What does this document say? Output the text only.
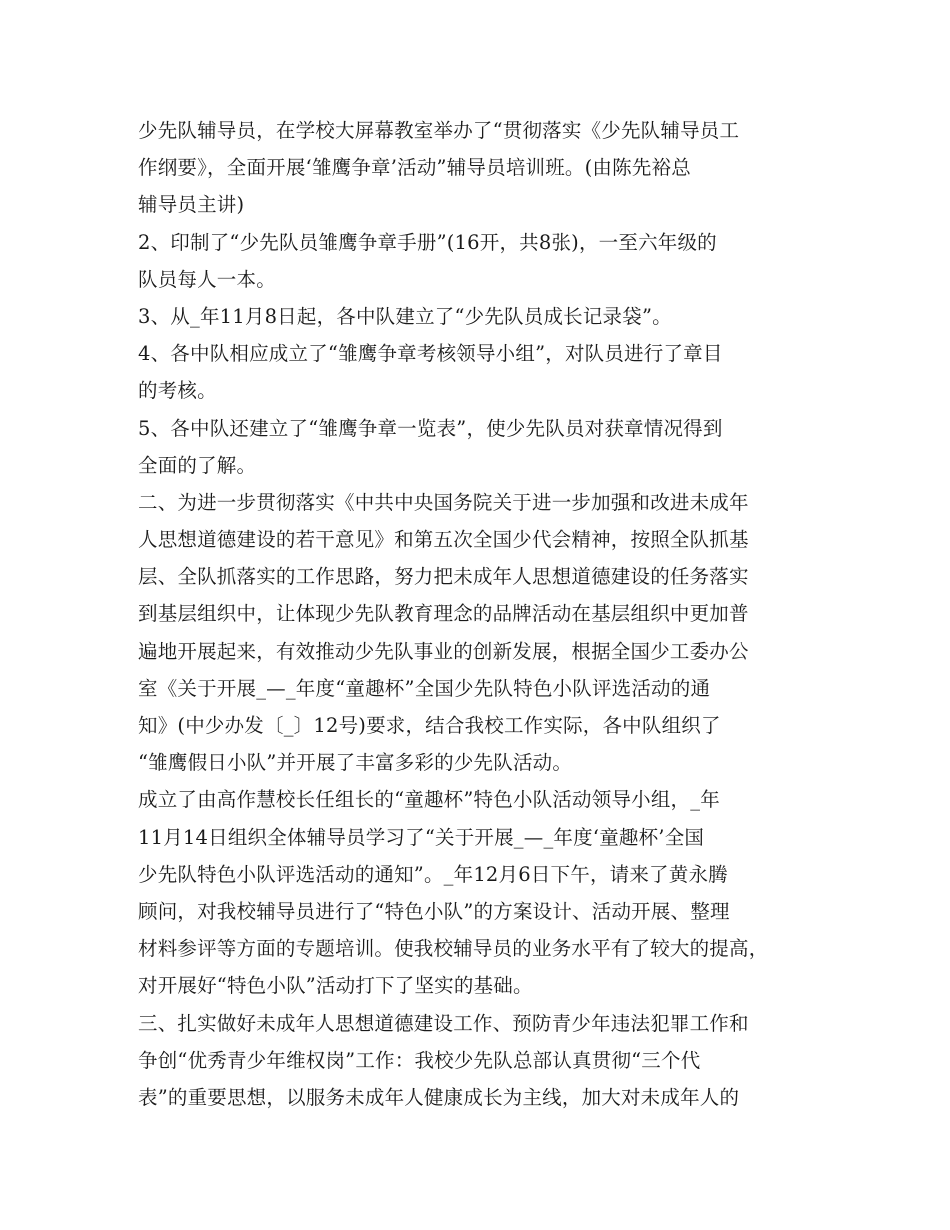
少先队辅导员，在学校大屏幕教室举办了“贯彻落实《少先队辅导员工
作纲要》，全面开展‘雏鹰争章’活动”辅导员培训班。(由陈先裕总
辅导员主讲)
2、印制了“少先队员雏鹰争章手册”(16开，共8张)，一至六年级的
队员每人一本。
3、从_年11月8日起，各中队建立了“少先队员成长记录袋”。
4、各中队相应成立了“雏鹰争章考核领导小组”，对队员进行了章目
的考核。
5、各中队还建立了“雏鹰争章一览表”，使少先队员对获章情况得到
全面的了解。
二、为进一步贯彻落实《中共中央国务院关于进一步加强和改进未成年
人思想道德建设的若干意见》和第五次全国少代会精神，按照全队抓基
层、全队抓落实的工作思路，努力把未成年人思想道德建设的任务落实
到基层组织中，让体现少先队教育理念的品牌活动在基层组织中更加普
遍地开展起来，有效推动少先队事业的创新发展，根据全国少工委办公
室《关于开展_—_年度“童趣杯”全国少先队特色小队评选活动的通
知》(中少办发〔_〕12号)要求，结合我校工作实际，各中队组织了
“雏鹰假日小队”并开展了丰富多彩的少先队活动。
成立了由高作慧校长任组长的“童趣杯”特色小队活动领导小组，_年
11月14日组织全体辅导员学习了“关于开展_—_年度‘童趣杯’全国
少先队特色小队评选活动的通知”。_年12月6日下午，请来了黄永腾
顾问，对我校辅导员进行了“特色小队”的方案设计、活动开展、整理
材料参评等方面的专题培训。使我校辅导员的业务水平有了较大的提高，
对开展好“特色小队”活动打下了坚实的基础。
三、扎实做好未成年人思想道德建设工作、预防青少年违法犯罪工作和
争创“优秀青少年维权岗”工作：我校少先队总部认真贯彻“三个代
表”的重要思想，以服务未成年人健康成长为主线，加大对未成年人的
